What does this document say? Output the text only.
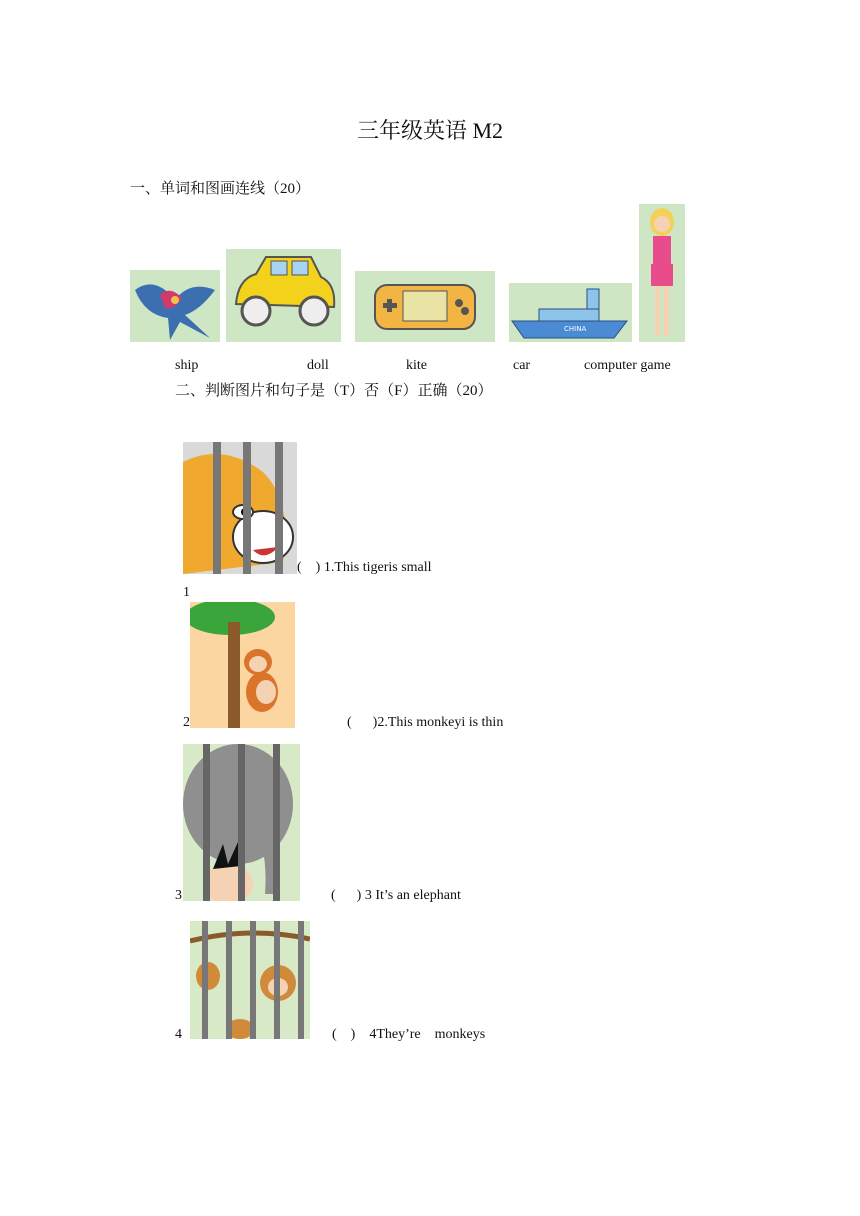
三年级英语 M2
一、单词和图画连线（20）
CHINA
ship	doll	kite	car	computer game
二、判断图片和句子是（T）否（F）正确（20）
(    ) 1.This tigeris small
1
2	(      )2.This monkeyi is thin
3	(      ) 3 It’s an elephant
4	(    )    4They’re    monkeys
